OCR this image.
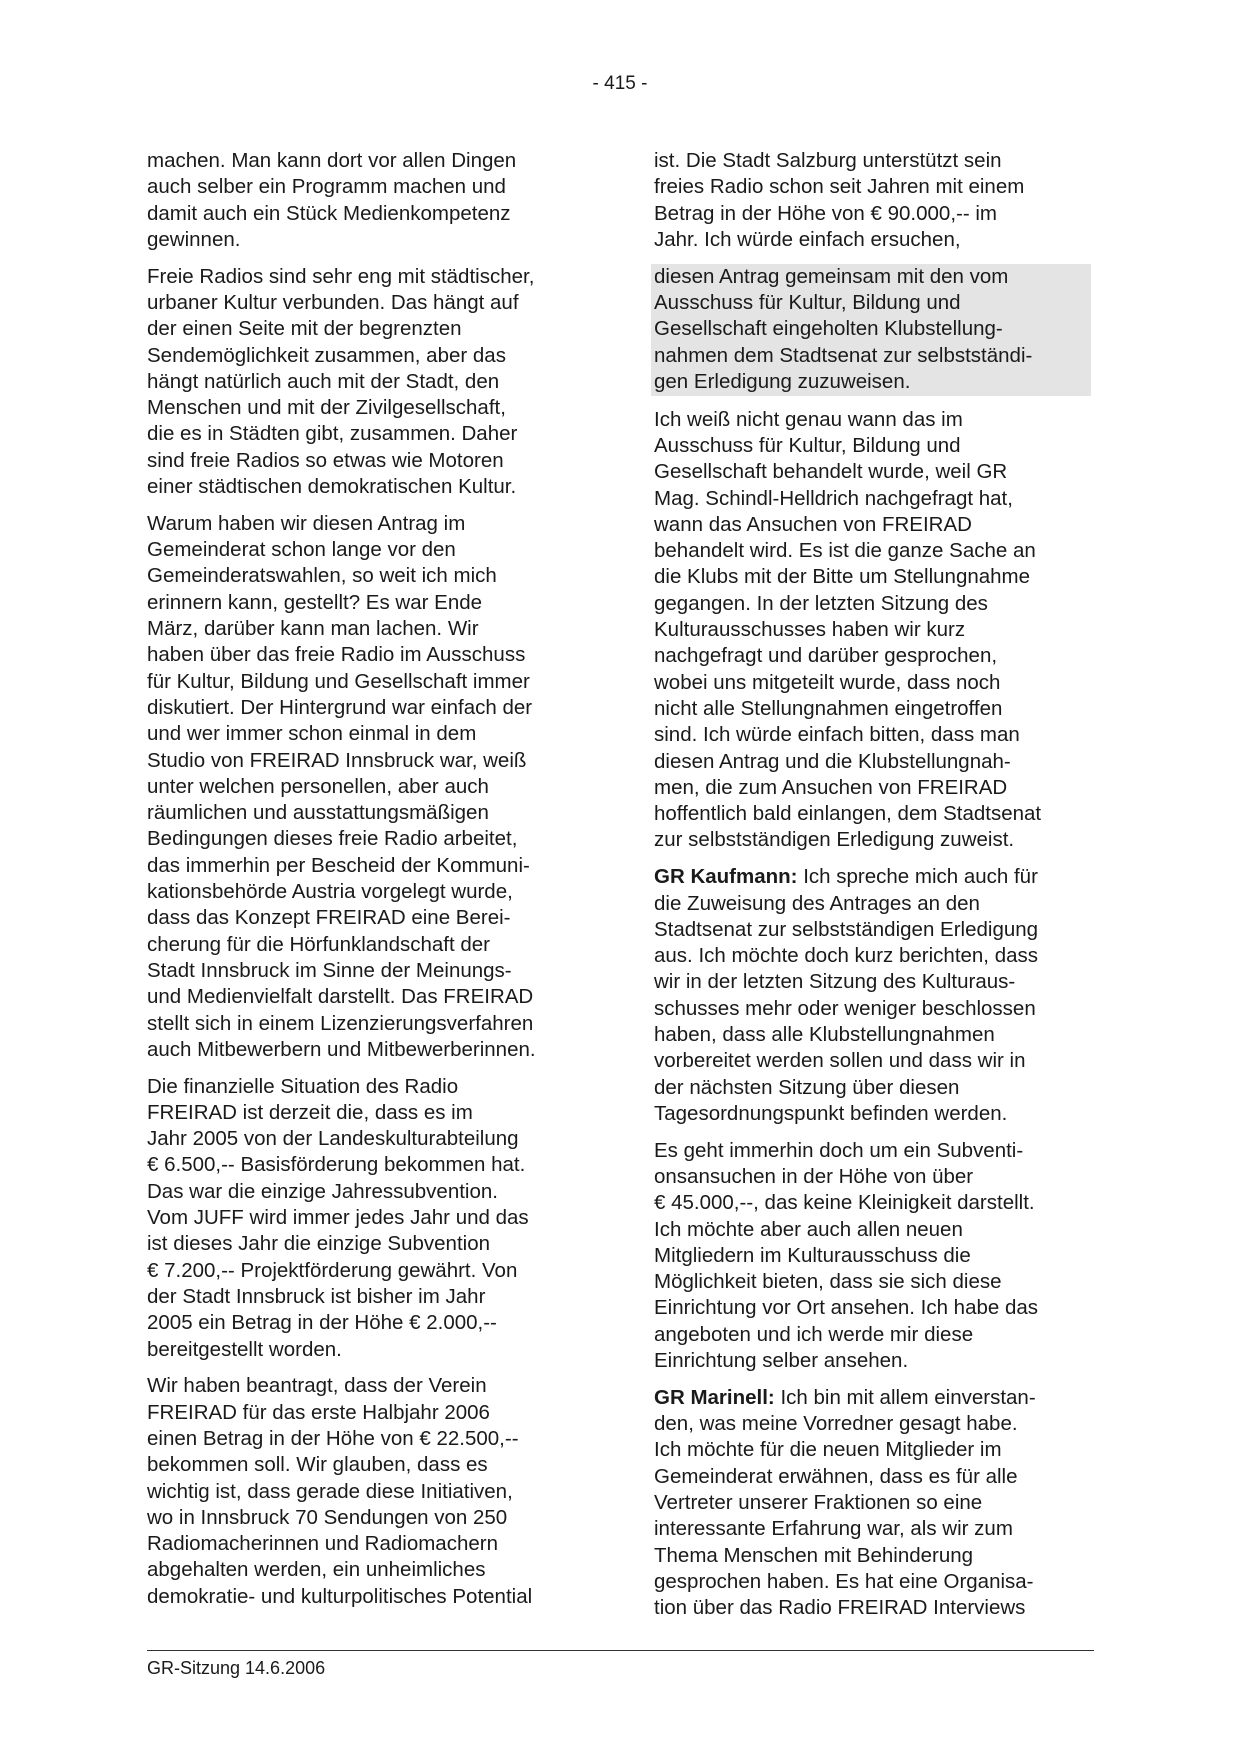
- 415 -

machen. Man kann dort vor allen Dingen
auch selber ein Programm machen und
damit auch ein Stück Medienkompetenz
gewinnen.

Freie Radios sind sehr eng mit städtischer,
urbaner Kultur verbunden. Das hängt auf
der einen Seite mit der begrenzten
Sendemöglichkeit zusammen, aber das
hängt natürlich auch mit der Stadt, den
Menschen und mit der Zivilgesellschaft,
die es in Städten gibt, zusammen. Daher
sind freie Radios so etwas wie Motoren
einer städtischen demokratischen Kultur.

Warum haben wir diesen Antrag im
Gemeinderat schon lange vor den
Gemeinderatswahlen, so weit ich mich
erinnern kann, gestellt? Es war Ende
März, darüber kann man lachen. Wir
haben über das freie Radio im Ausschuss
für Kultur, Bildung und Gesellschaft immer
diskutiert. Der Hintergrund war einfach der
und wer immer schon einmal in dem
Studio von FREIRAD Innsbruck war, weiß
unter welchen personellen, aber auch
räumlichen und ausstattungsmäßigen
Bedingungen dieses freie Radio arbeitet,
das immerhin per Bescheid der Kommuni-
kationsbehörde Austria vorgelegt wurde,
dass das Konzept FREIRAD eine Berei-
cherung für die Hörfunklandschaft der
Stadt Innsbruck im Sinne der Meinungs-
und Medienvielfalt darstellt. Das FREIRAD
stellt sich in einem Lizenzierungsverfahren
auch Mitbewerbern und Mitbewerberinnen.

Die finanzielle Situation des Radio
FREIRAD ist derzeit die, dass es im
Jahr 2005 von der Landeskulturabteilung
€ 6.500,-- Basisförderung bekommen hat.
Das war die einzige Jahressubvention.
Vom JUFF wird immer jedes Jahr und das
ist dieses Jahr die einzige Subvention
€ 7.200,-- Projektförderung gewährt. Von
der Stadt Innsbruck ist bisher im Jahr
2005 ein Betrag in der Höhe € 2.000,--
bereitgestellt worden.

Wir haben beantragt, dass der Verein
FREIRAD für das erste Halbjahr 2006
einen Betrag in der Höhe von € 22.500,--
bekommen soll. Wir glauben, dass es
wichtig ist, dass gerade diese Initiativen,
wo in Innsbruck 70 Sendungen von 250
Radiomacherinnen und Radiomachern
abgehalten werden, ein unheimliches
demokratie- und kulturpolitisches Potential

ist. Die Stadt Salzburg unterstützt sein
freies Radio schon seit Jahren mit einem
Betrag in der Höhe von € 90.000,-- im
Jahr. Ich würde einfach ersuchen,

diesen Antrag gemeinsam mit den vom
Ausschuss für Kultur, Bildung und
Gesellschaft eingeholten Klubstellung-
nahmen dem Stadtsenat zur selbstständi-
gen Erledigung zuzuweisen.

Ich weiß nicht genau wann das im
Ausschuss für Kultur, Bildung und
Gesellschaft behandelt wurde, weil GR
Mag. Schindl-Helldrich nachgefragt hat,
wann das Ansuchen von FREIRAD
behandelt wird. Es ist die ganze Sache an
die Klubs mit der Bitte um Stellungnahme
gegangen. In der letzten Sitzung des
Kulturausschusses haben wir kurz
nachgefragt und darüber gesprochen,
wobei uns mitgeteilt wurde, dass noch
nicht alle Stellungnahmen eingetroffen
sind. Ich würde einfach bitten, dass man
diesen Antrag und die Klubstellungnah-
men, die zum Ansuchen von FREIRAD
hoffentlich bald einlangen, dem Stadtsenat
zur selbstständigen Erledigung zuweist.

GR Kaufmann: Ich spreche mich auch für
die Zuweisung des Antrages an den
Stadtsenat zur selbstständigen Erledigung
aus. Ich möchte doch kurz berichten, dass
wir in der letzten Sitzung des Kulturaus-
schusses mehr oder weniger beschlossen
haben, dass alle Klubstellungnahmen
vorbereitet werden sollen und dass wir in
der nächsten Sitzung über diesen
Tagesordnungspunkt befinden werden.

Es geht immerhin doch um ein Subventi-
onsansuchen in der Höhe von über
€ 45.000,--, das keine Kleinigkeit darstellt.
Ich möchte aber auch allen neuen
Mitgliedern im Kulturausschuss die
Möglichkeit bieten, dass sie sich diese
Einrichtung vor Ort ansehen. Ich habe das
angeboten und ich werde mir diese
Einrichtung selber ansehen.

GR Marinell: Ich bin mit allem einverstan-
den, was meine Vorredner gesagt habe.
Ich möchte für die neuen Mitglieder im
Gemeinderat erwähnen, dass es für alle
Vertreter unserer Fraktionen so eine
interessante Erfahrung war, als wir zum
Thema Menschen mit Behinderung
gesprochen haben. Es hat eine Organisa-
tion über das Radio FREIRAD Interviews

GR-Sitzung 14.6.2006
